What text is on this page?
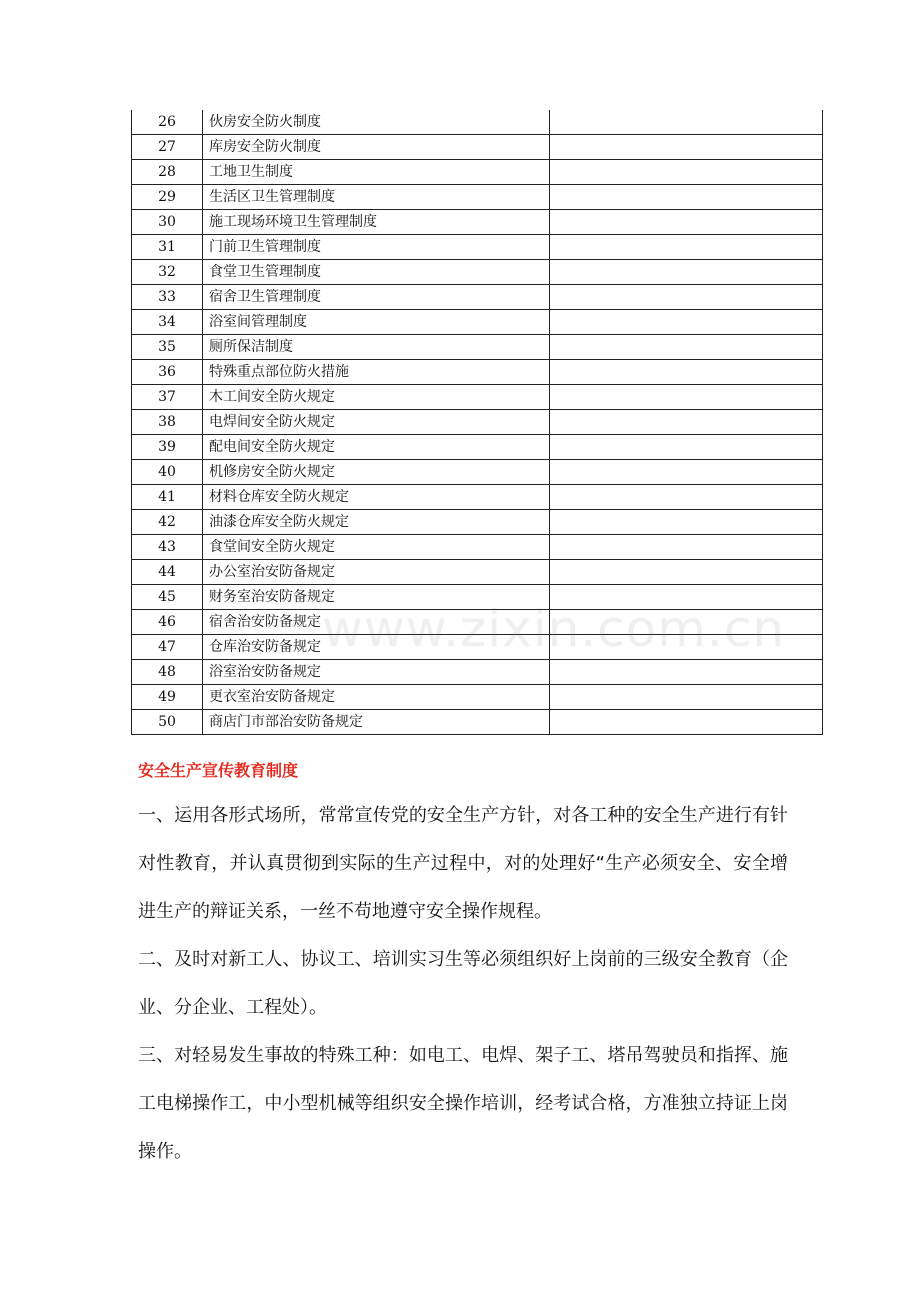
26	伙房安全防火制度	
27	库房安全防火制度	
28	工地卫生制度	
29	生活区卫生管理制度	
30	施工现场环境卫生管理制度	
31	门前卫生管理制度	
32	食堂卫生管理制度	
33	宿舍卫生管理制度	
34	浴室间管理制度	
35	厕所保洁制度	
36	特殊重点部位防火措施	
37	木工间安全防火规定	
38	电焊间安全防火规定	
39	配电间安全防火规定	
40	机修房安全防火规定	
41	材料仓库安全防火规定	
42	油漆仓库安全防火规定	
43	食堂间安全防火规定	
44	办公室治安防备规定	
45	财务室治安防备规定	
46	宿舍治安防备规定	
47	仓库治安防备规定	
48	浴室治安防备规定	
49	更衣室治安防备规定	
50	商店门市部治安防备规定	
www.zixin.com.cn
安全生产宣传教育制度
一、运用各形式场所，常常宣传党的安全生产方针，对各工种的安全生产进行有针对性教育，并认真贯彻到实际的生产过程中，对的处理好“生产必须安全、安全增进生产的辩证关系，一丝不苟地遵守安全操作规程。
二、及时对新工人、协议工、培训实习生等必须组织好上岗前的三级安全教育（企业、分企业、工程处）。
三、对轻易发生事故的特殊工种：如电工、电焊、架子工、塔吊驾驶员和指挥、施工电梯操作工，中小型机械等组织安全操作培训，经考试合格，方准独立持证上岗操作。
